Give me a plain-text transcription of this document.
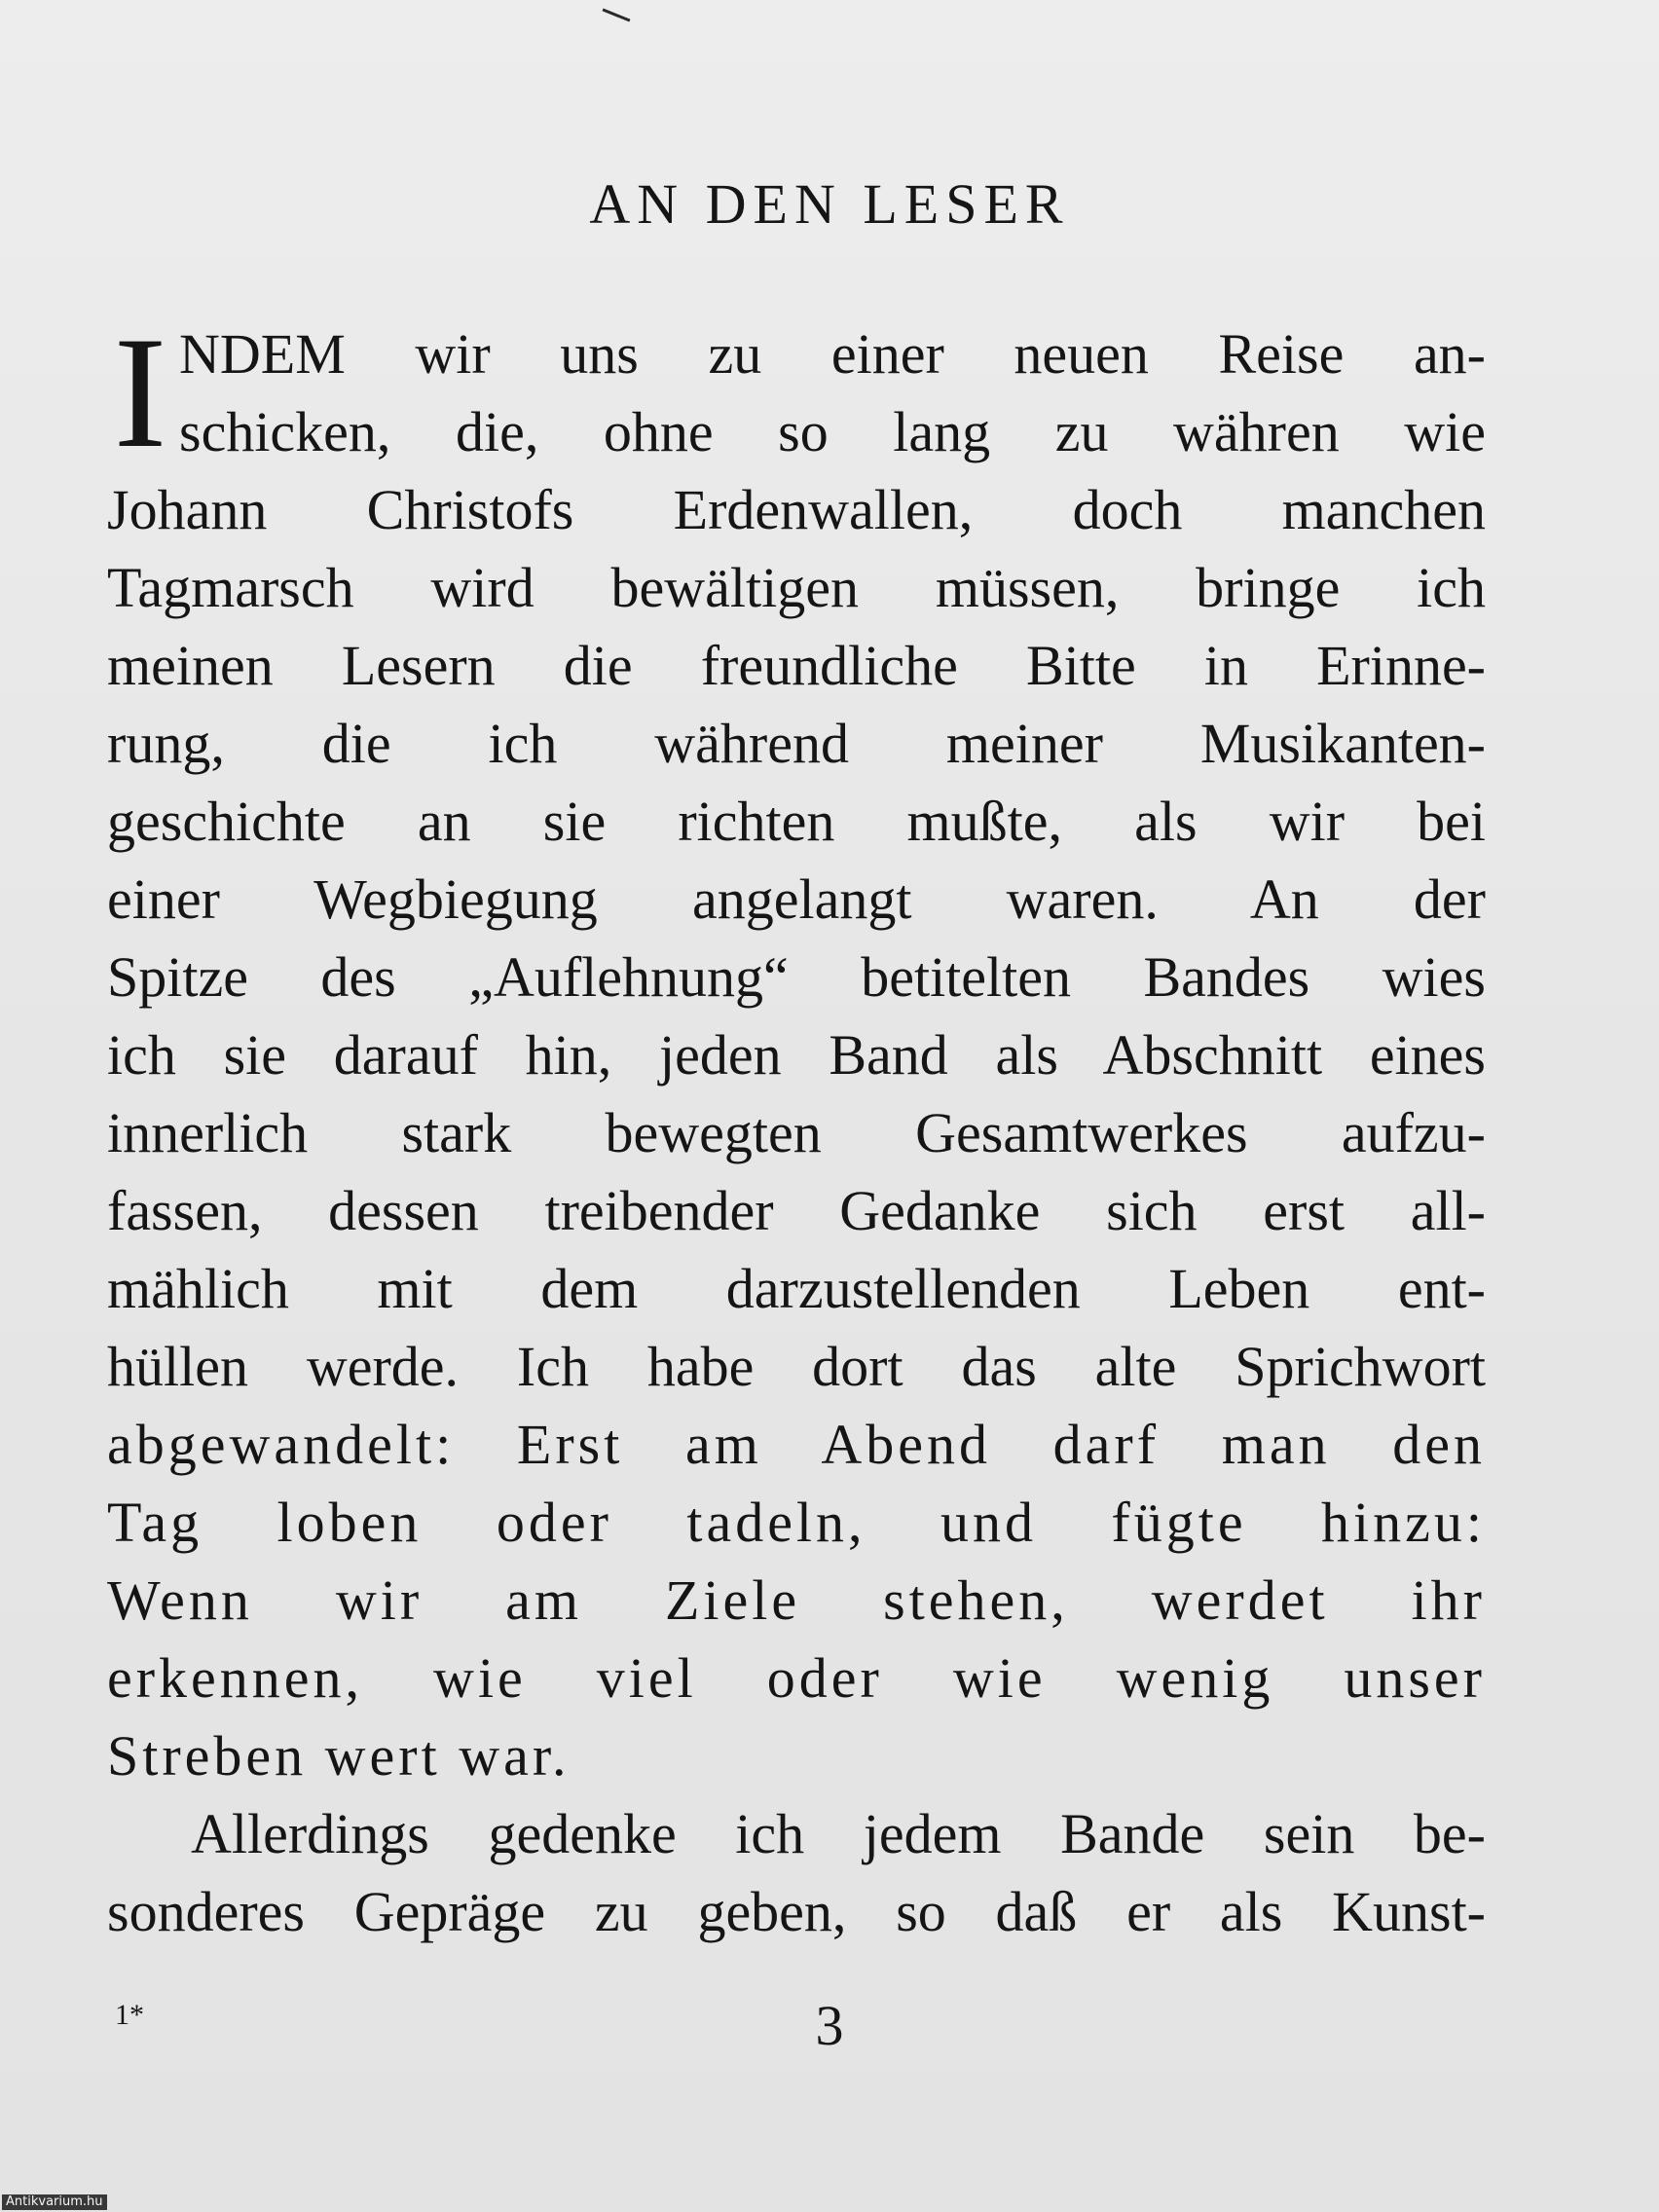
AN DEN LESER
I NDEM wir uns zu einer neuen Reise an-
schicken, die, ohne so lang zu währen wie
Johann Christofs Erdenwallen, doch manchen
Tagmarsch wird bewältigen müssen, bringe ich
meinen Lesern die freundliche Bitte in Erinne-
rung, die ich während meiner Musikanten-
geschichte an sie richten mußte, als wir bei
einer Wegbiegung angelangt waren. An der
Spitze des „Auflehnung“ betitelten Bandes wies
ich sie darauf hin, jeden Band als Abschnitt eines
innerlich stark bewegten Gesamtwerkes aufzu-
fassen, dessen treibender Gedanke sich erst all-
mählich mit dem darzustellenden Leben ent-
hüllen werde. Ich habe dort das alte Sprichwort
abgewandelt: Erst am Abend darf man den
Tag loben oder tadeln, und fügte hinzu:
Wenn wir am Ziele stehen, werdet ihr
erkennen, wie viel oder wie wenig unser
Streben wert war.
Allerdings gedenke ich jedem Bande sein be-
sonderes Gepräge zu geben, so daß er als Kunst-
1*	3
Antikvarium.hu
